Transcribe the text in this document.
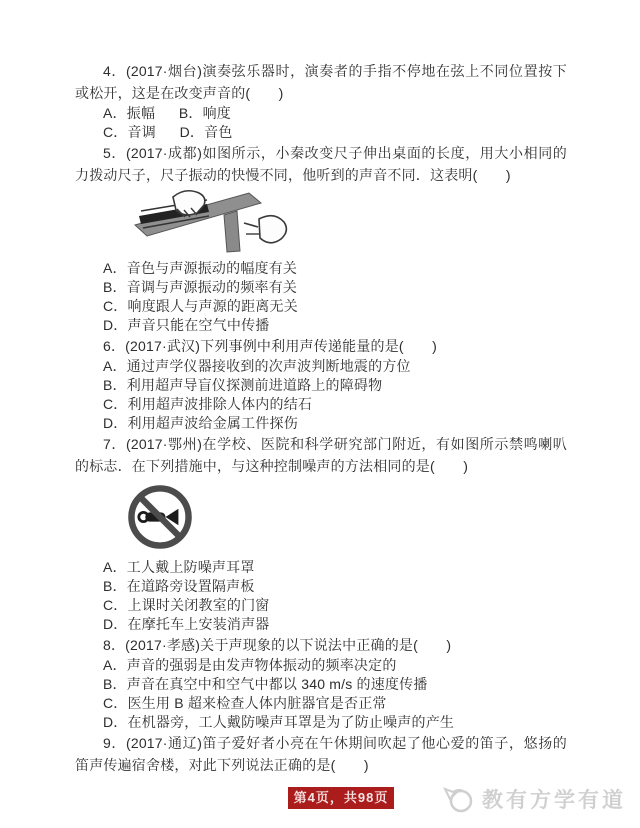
4．(2017·烟台)演奏弦乐器时，演奏者的手指不停地在弦上不同位置按下或松开，这是在改变声音的(　　)

A．振幅 B．响度

C．音调 D．音色

5．(2017·成都)如图所示，小秦改变尺子伸出桌面的长度，用大小相同的力拨动尺子，尺子振动的快慢不同，他听到的声音不同．这表明(　　)

A．音色与声源振动的幅度有关

B．音调与声源振动的频率有关

C．响度跟人与声源的距离无关

D．声音只能在空气中传播

6．(2017·武汉)下列事例中利用声传递能量的是(　　)

A．通过声学仪器接收到的次声波判断地震的方位

B．利用超声导盲仪探测前进道路上的障碍物

C．利用超声波排除人体内的结石

D．利用超声波给金属工件探伤

7．(2017·鄂州)在学校、医院和科学研究部门附近，有如图所示禁鸣喇叭的标志．在下列措施中，与这种控制噪声的方法相同的是(　　)

A．工人戴上防噪声耳罩

B．在道路旁设置隔声板

C．上课时关闭教室的门窗

D．在摩托车上安装消声器

8．(2017·孝感)关于声现象的以下说法中正确的是(　　)

A．声音的强弱是由发声物体振动的频率决定的

B．声音在真空中和空气中都以 340 m/s 的速度传播

C．医生用 B 超来检查人体内脏器官是否正常

D．在机器旁，工人戴防噪声耳罩是为了防止噪声的产生

9．(2017·通辽)笛子爱好者小亮在午休期间吹起了他心爱的笛子，悠扬的笛声传遍宿舍楼，对此下列说法正确的是(　　)

第4页，共98页	教有方学有道
